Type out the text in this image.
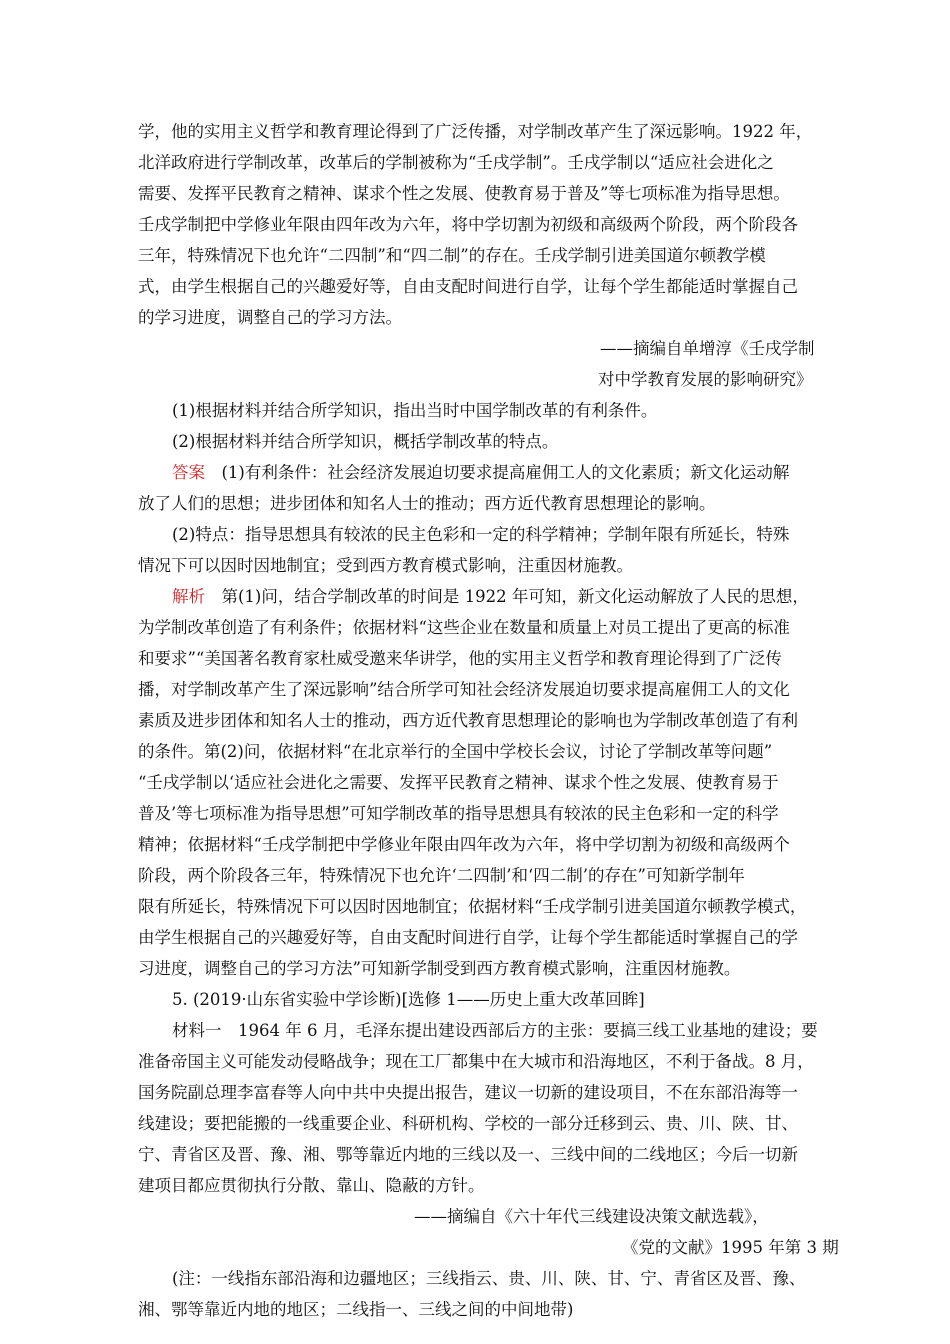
学，他的实用主义哲学和教育理论得到了广泛传播，对学制改革产生了深远影响。1922 年，
北洋政府进行学制改革，改革后的学制被称为“壬戌学制”。壬戌学制以“适应社会进化之
需要、发挥平民教育之精神、谋求个性之发展、使教育易于普及”等七项标准为指导思想。
壬戌学制把中学修业年限由四年改为六年，将中学切割为初级和高级两个阶段，两个阶段各
三年，特殊情况下也允许“二四制”和“四二制”的存在。壬戌学制引进美国道尔顿教学模
式，由学生根据自己的兴趣爱好等，自由支配时间进行自学，让每个学生都能适时掌握自己
的学习进度，调整自己的学习方法。
——摘编自单增淳《壬戌学制
对中学教育发展的影响研究》
(1)根据材料并结合所学知识，指出当时中国学制改革的有利条件。
(2)根据材料并结合所学知识，概括学制改革的特点。
答案　(1)有利条件：社会经济发展迫切要求提高雇佣工人的文化素质；新文化运动解
放了人们的思想；进步团体和知名人士的推动；西方近代教育思想理论的影响。
(2)特点：指导思想具有较浓的民主色彩和一定的科学精神；学制年限有所延长，特殊
情况下可以因时因地制宜；受到西方教育模式影响，注重因材施教。
解析　第(1)问，结合学制改革的时间是 1922 年可知，新文化运动解放了人民的思想，
为学制改革创造了有利条件；依据材料“这些企业在数量和质量上对员工提出了更高的标准
和要求”“美国著名教育家杜威受邀来华讲学，他的实用主义哲学和教育理论得到了广泛传
播，对学制改革产生了深远影响”结合所学可知社会经济发展迫切要求提高雇佣工人的文化
素质及进步团体和知名人士的推动，西方近代教育思想理论的影响也为学制改革创造了有利
的条件。第(2)问，依据材料“在北京举行的全国中学校长会议，讨论了学制改革等问题”
“壬戌学制以‘适应社会进化之需要、发挥平民教育之精神、谋求个性之发展、使教育易于
普及’等七项标准为指导思想”可知学制改革的指导思想具有较浓的民主色彩和一定的科学
精神；依据材料“壬戌学制把中学修业年限由四年改为六年，将中学切割为初级和高级两个
阶段，两个阶段各三年，特殊情况下也允许‘二四制’和‘四二制’的存在”可知新学制年
限有所延长，特殊情况下可以因时因地制宜；依据材料“壬戌学制引进美国道尔顿教学模式，
由学生根据自己的兴趣爱好等，自由支配时间进行自学，让每个学生都能适时掌握自己的学
习进度，调整自己的学习方法”可知新学制受到西方教育模式影响，注重因材施教。
5. (2019·山东省实验中学诊断)[选修 1——历史上重大改革回眸]
材料一　1964 年 6 月，毛泽东提出建设西部后方的主张：要搞三线工业基地的建设；要
准备帝国主义可能发动侵略战争；现在工厂都集中在大城市和沿海地区，不利于备战。8 月，
国务院副总理李富春等人向中共中央提出报告，建议一切新的建设项目，不在东部沿海等一
线建设；要把能搬的一线重要企业、科研机构、学校的一部分迁移到云、贵、川、陕、甘、
宁、青省区及晋、豫、湘、鄂等靠近内地的三线以及一、三线中间的二线地区；今后一切新
建项目都应贯彻执行分散、靠山、隐蔽的方针。
——摘编自《六十年代三线建设决策文献选载》，
《党的文献》1995 年第 3 期
(注：一线指东部沿海和边疆地区；三线指云、贵、川、陕、甘、宁、青省区及晋、豫、
湘、鄂等靠近内地的地区；二线指一、三线之间的中间地带)
